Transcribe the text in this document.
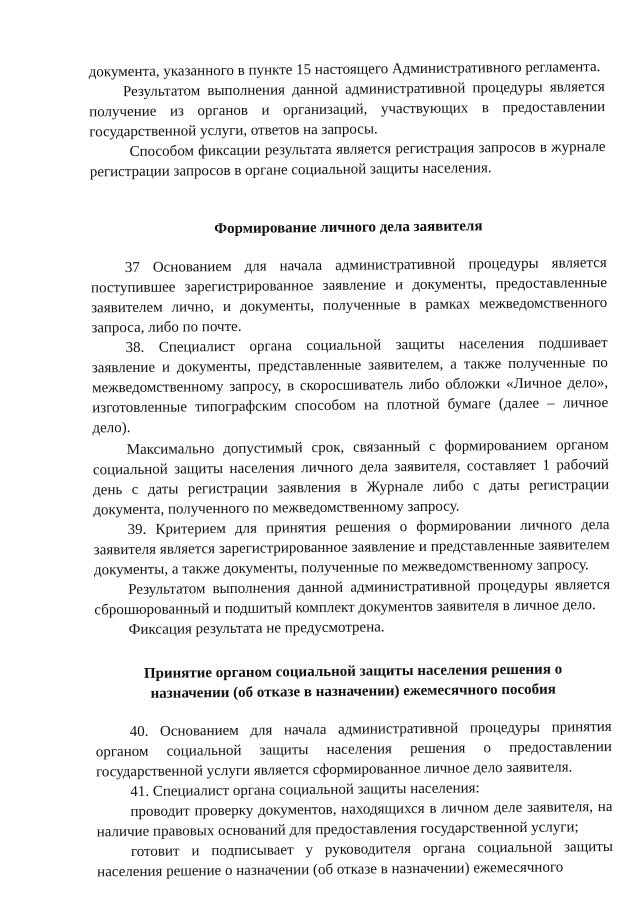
документа, указанного в пункте 15 настоящего Административного регламента.

Результатом выполнения данной административной процедуры является получение из органов и организаций, участвующих в предоставлении государственной услуги, ответов на запросы.

Способом фиксации результата является регистрация запросов в журнале регистрации запросов в органе социальной защиты населения.

Формирование личного дела заявителя

37 Основанием для начала административной процедуры является поступившее зарегистрированное заявление и документы, предоставленные заявителем лично, и документы, полученные в рамках межведомственного запроса, либо по почте.

38. Специалист органа социальной защиты населения подшивает заявление и документы, представленные заявителем, а также полученные по межведомственному запросу, в скоросшиватель либо обложки «Личное дело», изготовленные типографским способом на плотной бумаге (далее – личное дело).

Максимально допустимый срок, связанный с формированием органом социальной защиты населения личного дела заявителя, составляет 1 рабочий день с даты регистрации заявления в Журнале либо с даты регистрации документа, полученного по межведомственному запросу.

39. Критерием для принятия решения о формировании личного дела заявителя является зарегистрированное заявление и представленные заявителем документы, а также документы, полученные по межведомственному запросу.

Результатом выполнения данной административной процедуры является сброшюрованный и подшитый комплект документов заявителя в личное дело.

Фиксация результата не предусмотрена.

Принятие органом социальной защиты населения решения о
назначении (об отказе в назначении) ежемесячного пособия

40. Основанием для начала административной процедуры принятия органом социальной защиты населения решения о предоставлении государственной услуги является сформированное личное дело заявителя.

41. Специалист органа социальной защиты населения:

проводит проверку документов, находящихся в личном деле заявителя, на наличие правовых оснований для предоставления государственной услуги;

готовит и подписывает у руководителя органа социальной защиты населения решение о назначении (об отказе в назначении) ежемесячного
